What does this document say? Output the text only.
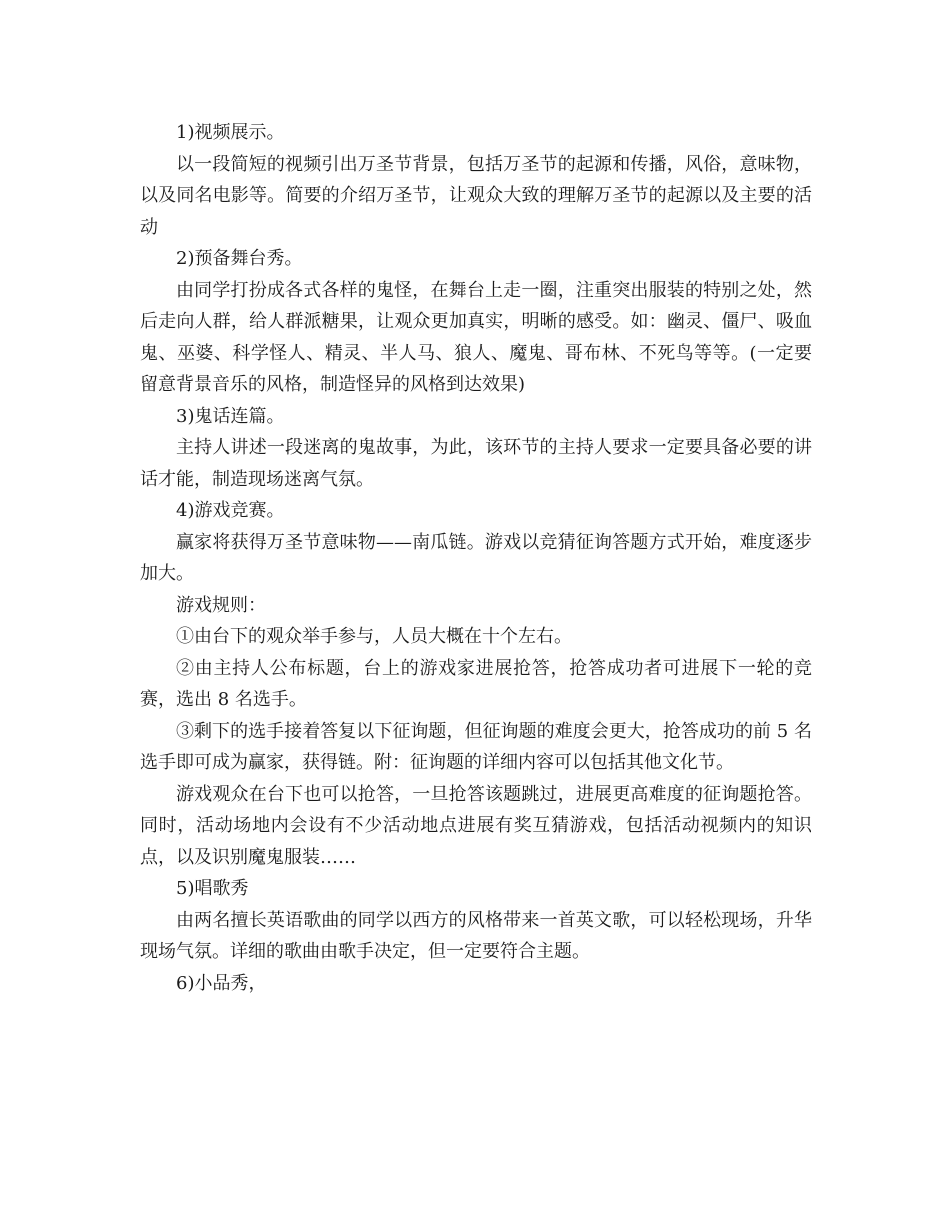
1)视频展示。

以一段简短的视频引出万圣节背景，包括万圣节的起源和传播，风俗，意味物，以及同名电影等。简要的介绍万圣节，让观众大致的理解万圣节的起源以及主要的活动

2)预备舞台秀。

由同学打扮成各式各样的鬼怪，在舞台上走一圈，注重突出服装的特别之处，然后走向人群，给人群派糖果，让观众更加真实，明晰的感受。如：幽灵、僵尸、吸血鬼、巫婆、科学怪人、精灵、半人马、狼人、魔鬼、哥布林、不死鸟等等。(一定要留意背景音乐的风格，制造怪异的风格到达效果)

3)鬼话连篇。

主持人讲述一段迷离的鬼故事，为此，该环节的主持人要求一定要具备必要的讲话才能，制造现场迷离气氛。

4)游戏竞赛。

赢家将获得万圣节意味物——南瓜链。游戏以竞猜征询答题方式开始，难度逐步加大。

游戏规则：

①由台下的观众举手参与，人员大概在十个左右。

②由主持人公布标题，台上的游戏家进展抢答，抢答成功者可进展下一轮的竞赛，选出 8 名选手。

③剩下的选手接着答复以下征询题，但征询题的难度会更大，抢答成功的前 5 名选手即可成为赢家，获得链。附：征询题的详细内容可以包括其他文化节。

游戏观众在台下也可以抢答，一旦抢答该题跳过，进展更高难度的征询题抢答。同时，活动场地内会设有不少活动地点进展有奖互猜游戏，包括活动视频内的知识点，以及识别魔鬼服装……

5)唱歌秀

由两名擅长英语歌曲的同学以西方的风格带来一首英文歌，可以轻松现场，升华现场气氛。详细的歌曲由歌手决定，但一定要符合主题。

6)小品秀，
